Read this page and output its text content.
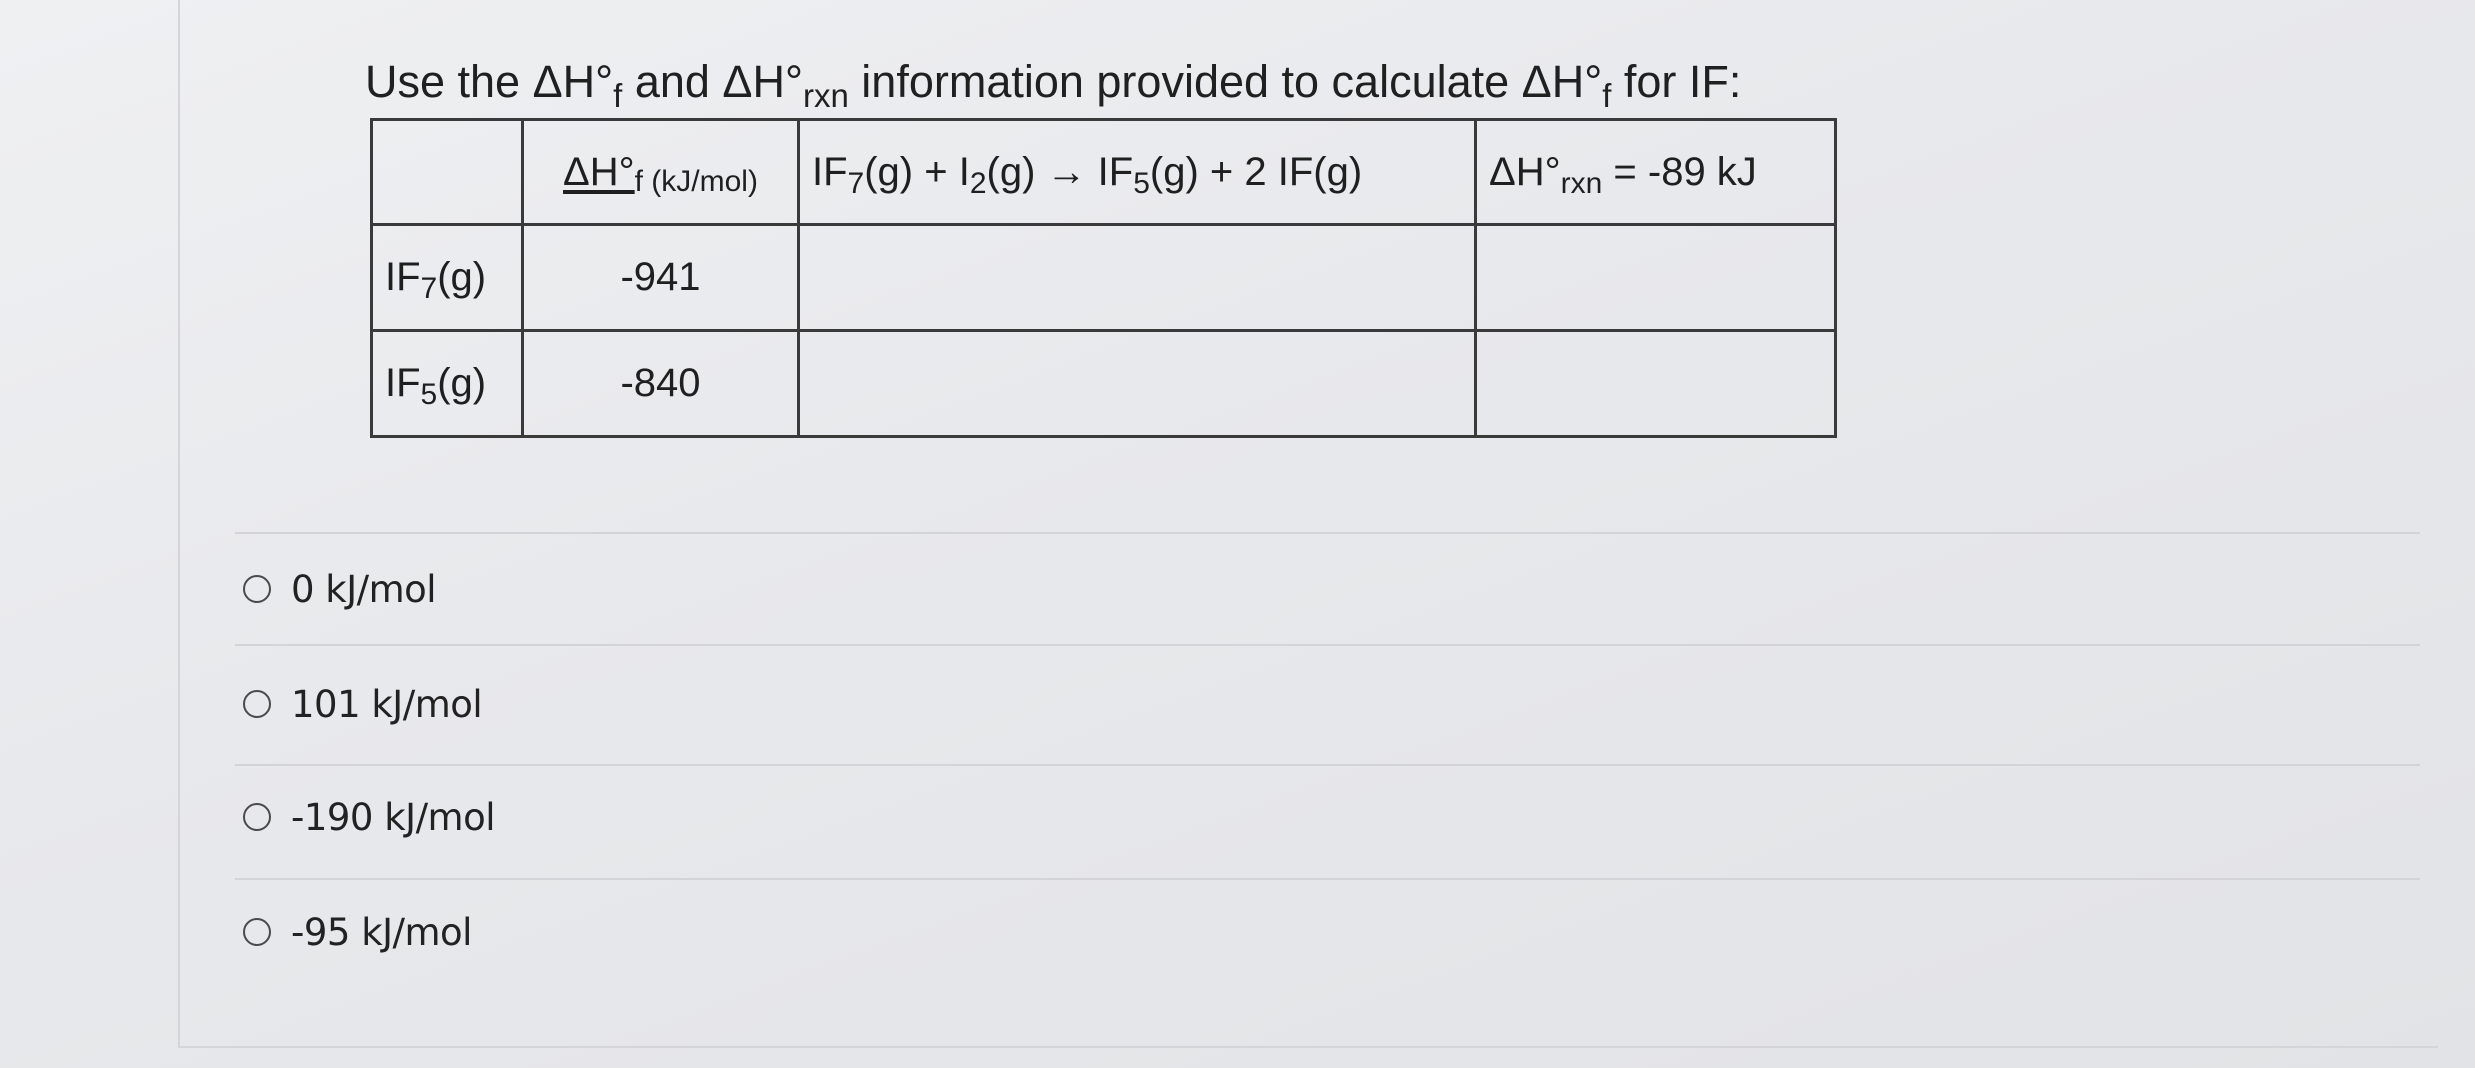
Use the $\Delta H^\circ_f$ and $\Delta H^\circ_{rxn}$ information provided to calculate $\Delta H^\circ_f$ for IF:
	ΔH°f (kJ/mol)	$IF_7(g) + I_2(g) \to IF_5(g) + 2$ IF(g)	$\Delta H^\circ_{rxn} = -89$ kJ
$IF_7(g)$	-941		
$IF_5(g)$	-840		
0 kJ/mol
101 kJ/mol
-190 kJ/mol
-95 kJ/mol
